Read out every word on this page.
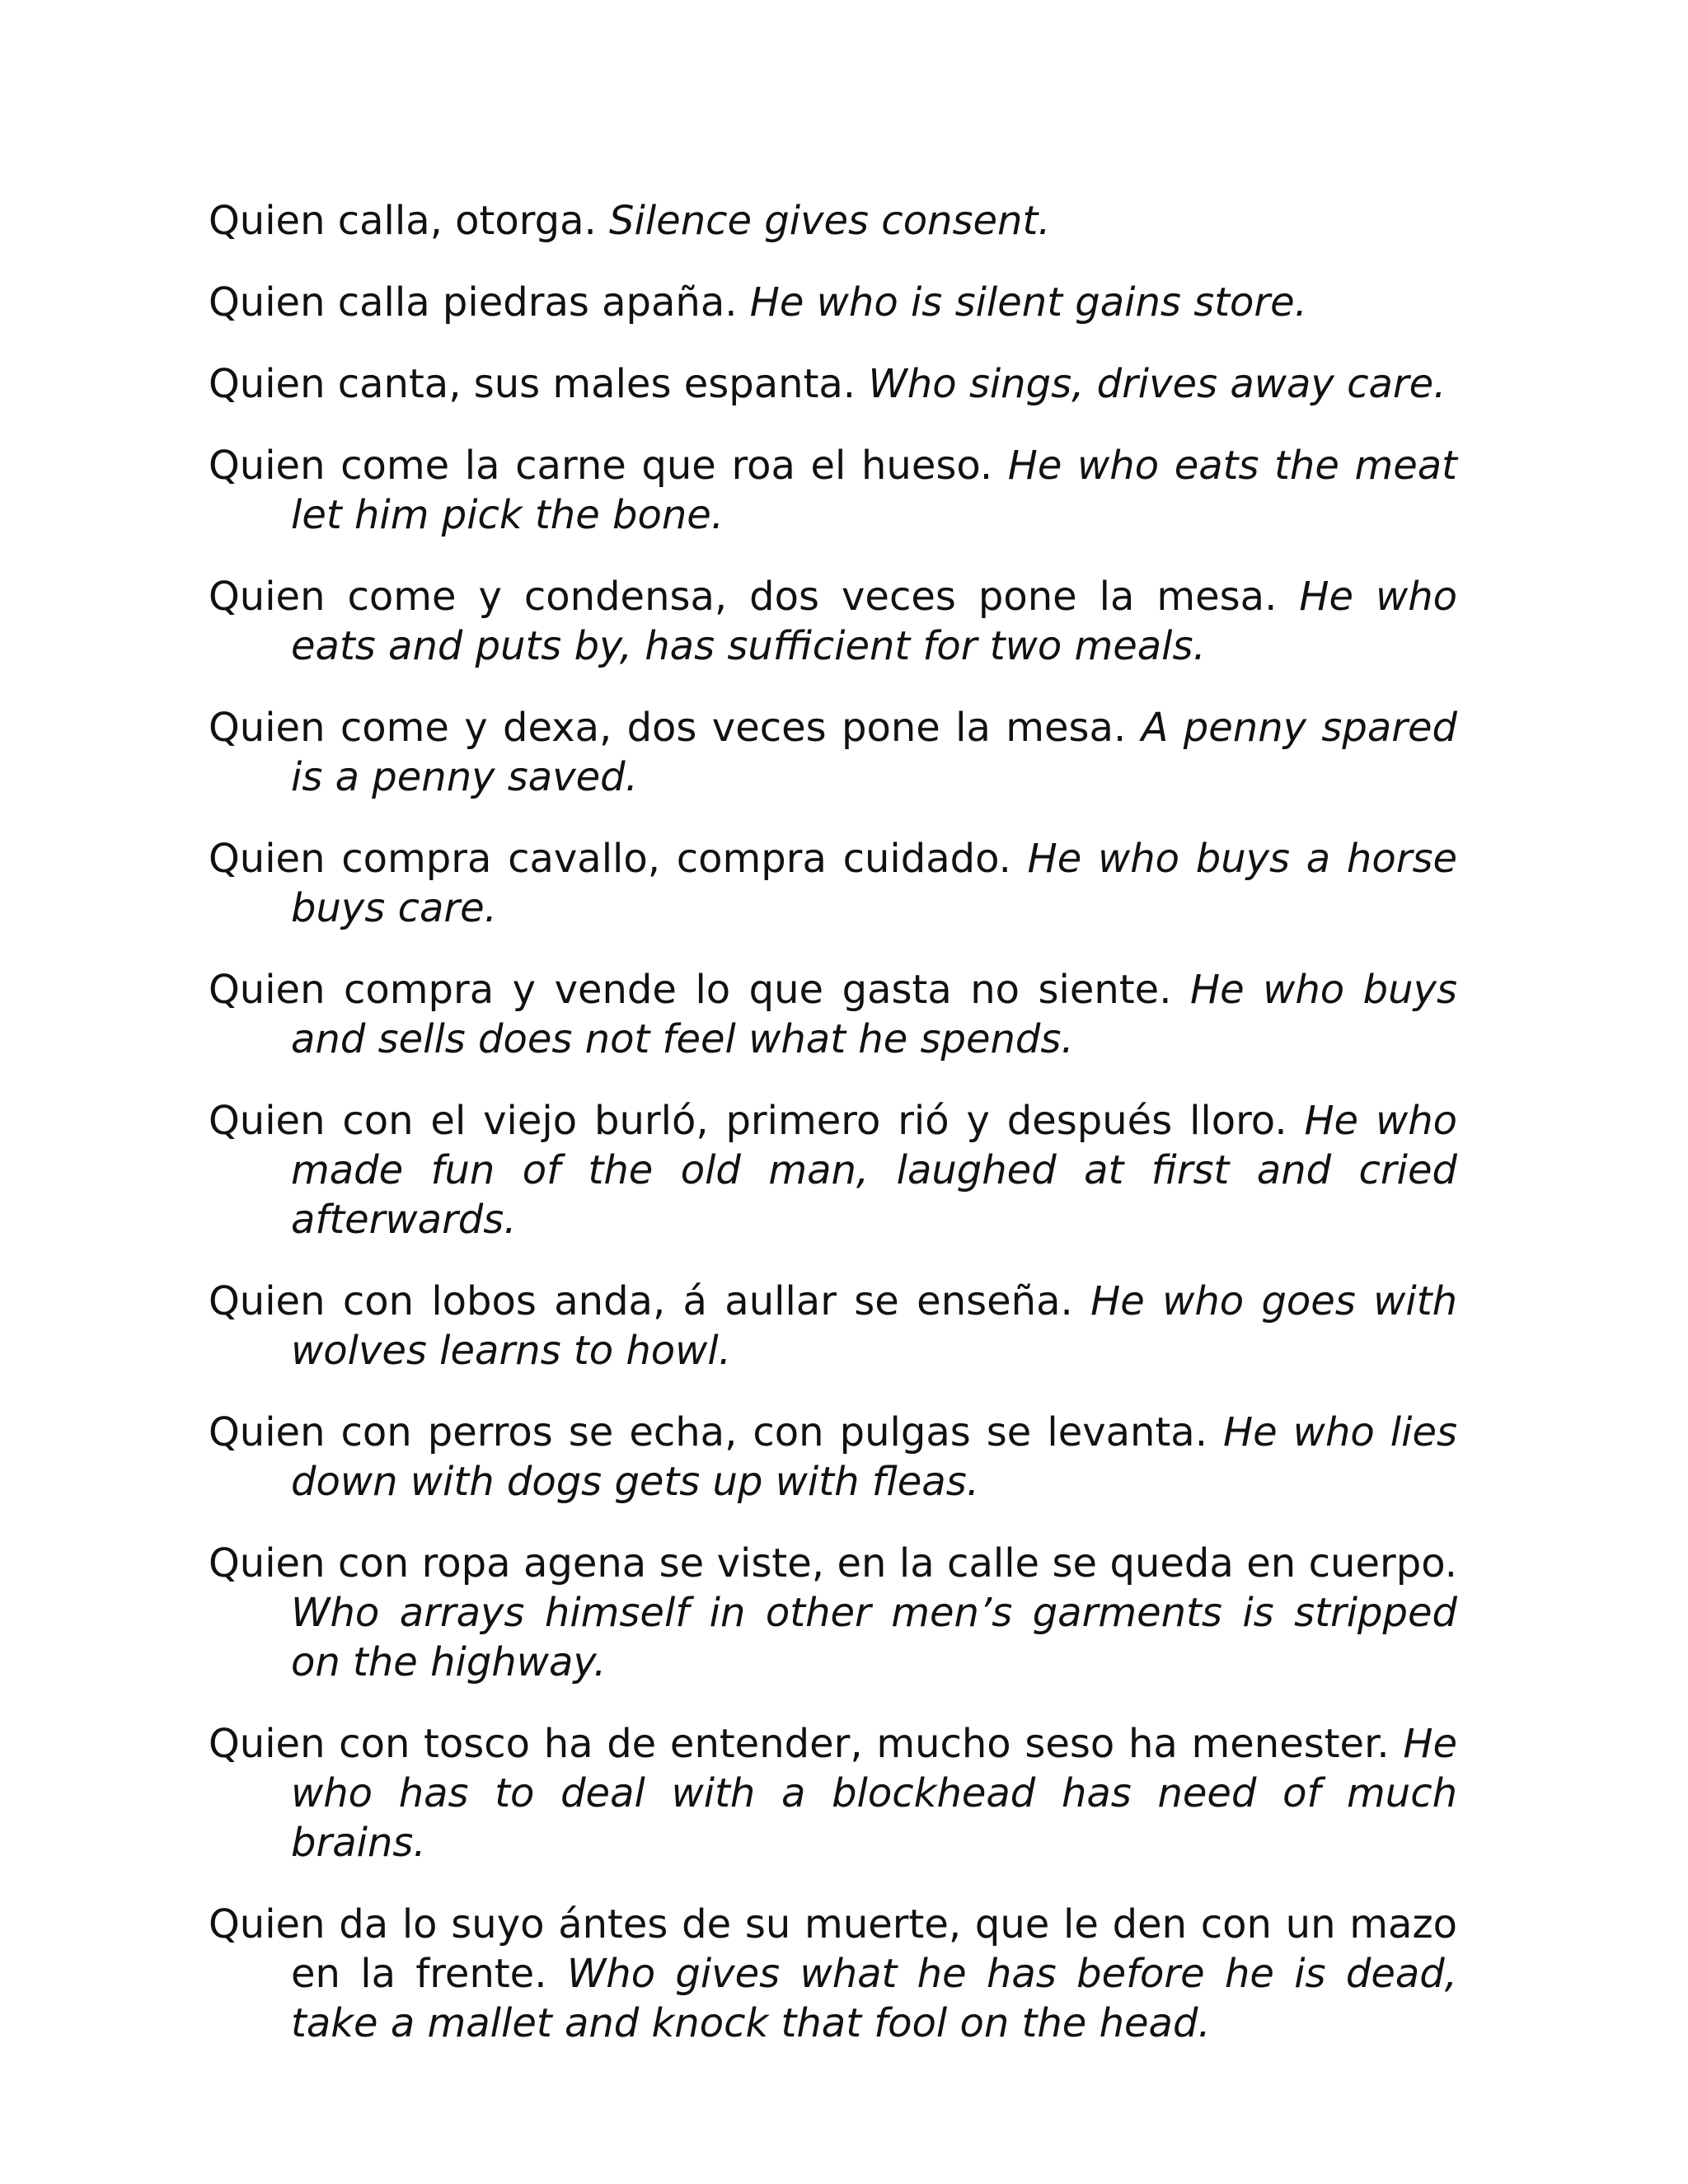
Quien calla, otorga. Silence gives consent.

Quien calla piedras apaña. He who is silent gains store.

Quien canta, sus males espanta. Who sings, drives away care.

Quien come la carne que roa el hueso. He who eats the meat let him pick the bone.

Quien come y condensa, dos veces pone la mesa. He who eats and puts by, has sufficient for two meals.

Quien come y dexa, dos veces pone la mesa. A penny spared is a penny saved.

Quien compra cavallo, compra cuidado. He who buys a horse buys care.

Quien compra y vende lo que gasta no siente. He who buys and sells does not feel what he spends.

Quien con el viejo burló, primero rió y después lloro. He who made fun of the old man, laughed at first and cried afterwards.

Quien con lobos anda, á aullar se enseña. He who goes with wolves learns to howl.

Quien con perros se echa, con pulgas se levanta. He who lies down with dogs gets up with fleas.

Quien con ropa agena se viste, en la calle se queda en cuerpo. Who arrays himself in other men’s garments is stripped on the highway.

Quien con tosco ha de entender, mucho seso ha menester. He who has to deal with a blockhead has need of much brains.

Quien da lo suyo ántes de su muerte, que le den con un mazo en la frente. Who gives what he has before he is dead, take a mallet and knock that fool on the head.
